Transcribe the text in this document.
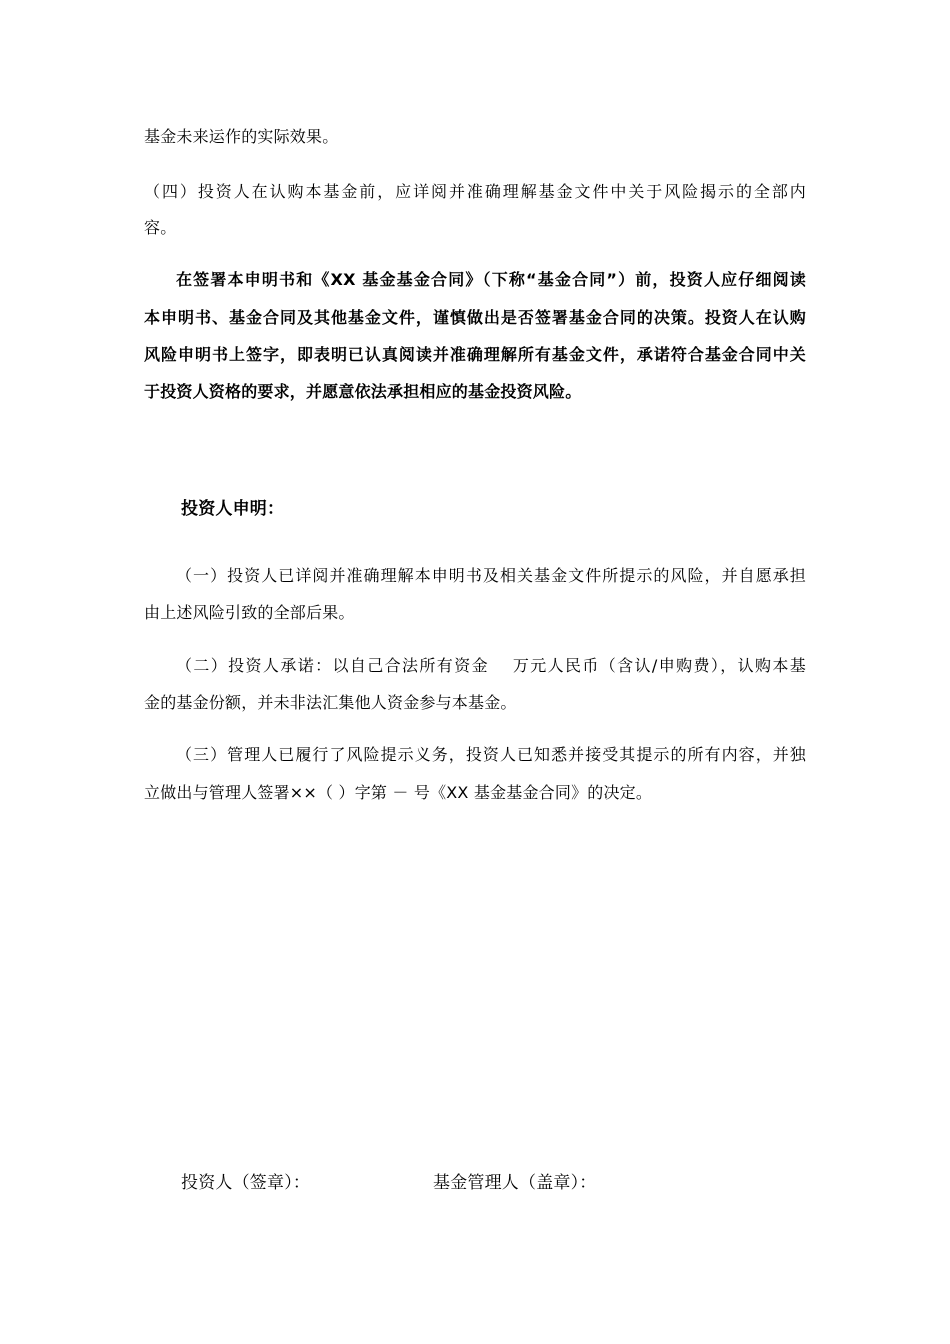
基金未来运作的实际效果。
（四）投资人在认购本基金前，应详阅并准确理解基金文件中关于风险揭示的全部内
容。
在签署本申明书和《XX 基金基金合同》（下称“基金合同”）前，投资人应仔细阅读
本申明书、基金合同及其他基金文件，谨慎做出是否签署基金合同的决策。投资人在认购
风险申明书上签字，即表明已认真阅读并准确理解所有基金文件，承诺符合基金合同中关
于投资人资格的要求，并愿意依法承担相应的基金投资风险。
投资人申明：
（一）投资人已详阅并准确理解本申明书及相关基金文件所提示的风险，并自愿承担
由上述风险引致的全部后果。
（二）投资人承诺：以自己合法所有资金　 万元人民币（含认/申购费），认购本基
金的基金份额，并未非法汇集他人资金参与本基金。
（三）管理人已履行了风险提示义务，投资人已知悉并接受其提示的所有内容，并独
立做出与管理人签署××（ ）字第 － 号《XX 基金基金合同》的决定。
投资人（签章）：	基金管理人（盖章）：
